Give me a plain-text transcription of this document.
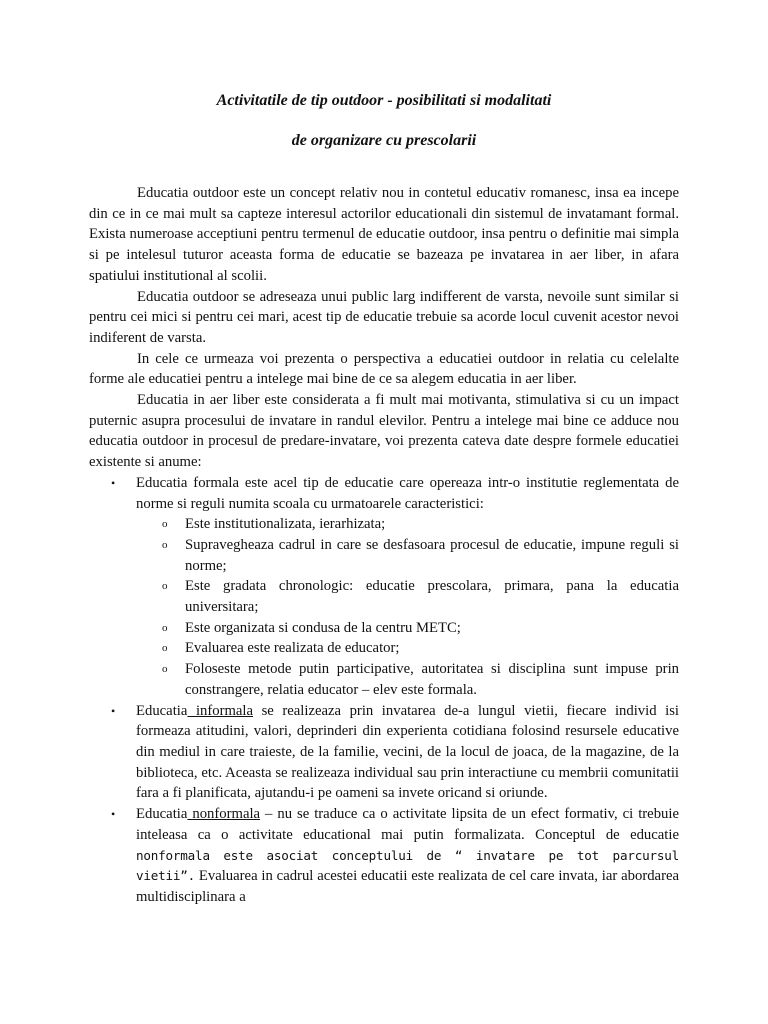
Activitatile de tip outdoor - posibilitati si modalitati
de organizare cu prescolarii

Educatia outdoor este un concept relativ nou in contetul educativ romanesc, insa ea incepe din ce in ce mai mult sa capteze interesul actorilor educationali din sistemul de invatamant formal. Exista numeroase acceptiuni pentru termenul de educatie outdoor, insa pentru o definitie mai simpla si pe intelesul tuturor aceasta forma de educatie se bazeaza pe invatarea in aer liber, in afara spatiului institutional al scolii.

Educatia outdoor se adreseaza unui public larg indifferent de varsta, nevoile sunt similar si pentru cei mici si pentru cei mari, acest tip de educatie trebuie sa acorde locul cuvenit acestor nevoi indiferent de varsta.

In cele ce urmeaza voi prezenta o perspectiva a educatiei outdoor in relatia cu celelalte forme ale educatiei pentru a intelege mai bine de ce sa alegem educatia in aer liber.

Educatia in aer liber este considerata a fi mult mai motivanta, stimulativa si cu un impact puternic asupra procesului de invatare in randul elevilor. Pentru a intelege mai bine ce adduce nou educatia outdoor in procesul de predare-invatare, voi prezenta cateva date despre formele educatiei existente si anume:

• Educatia formala este acel tip de educatie care opereaza intr-o institutie reglementata de norme si reguli numita scoala cu urmatoarele caracteristici:
o Este institutionalizata, ierarhizata;
o Supravegheaza cadrul in care se desfasoara procesul de educatie, impune reguli si norme;
o Este gradata chronologic: educatie prescolara, primara, pana la educatia universitara;
o Este organizata si condusa de la centru METC;
o Evaluarea este realizata de educator;
o Foloseste metode putin participative, autoritatea si disciplina sunt impuse prin constrangere, relatia educator – elev este formala.
• Educatia informala se realizeaza prin invatarea de-a lungul vietii, fiecare individ isi formeaza atitudini, valori, deprinderi din experienta cotidiana folosind resursele educative din mediul in care traieste, de la familie, vecini, de la locul de joaca, de la magazine, de la biblioteca, etc. Aceasta se realizeaza individual sau prin interactiune cu membrii comunitatii fara a fi planificata, ajutandu-i pe oameni sa invete oricand si oriunde.
• Educatia nonformala – nu se traduce ca o activitate lipsita de un efect formativ, ci trebuie inteleasa ca o activitate educational mai putin formalizata. Conceptul de educatie nonformala este asociat conceptului de “ invatare pe tot parcursul vietii”. Evaluarea in cadrul acestei educatii este realizata de cel care invata, iar abordarea multidisciplinara a
